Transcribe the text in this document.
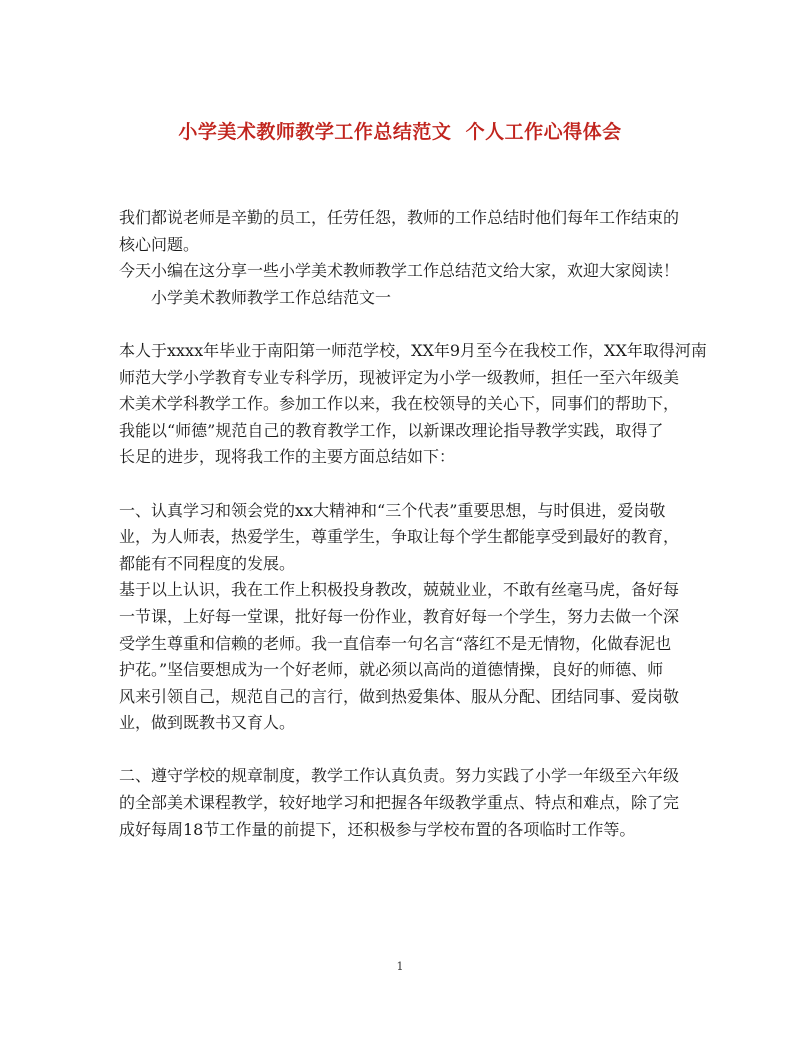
小学美术教师教学工作总结范文  个人工作心得体会
我们都说老师是辛勤的员工，任劳任怨，教师的工作总结时他们每年工作结束的
核心问题。
今天小编在这分享一些小学美术教师教学工作总结范文给大家，欢迎大家阅读！
小学美术教师教学工作总结范文一
本人于xxxx年毕业于南阳第一师范学校，XX年9月至今在我校工作，XX年取得河南
师范大学小学教育专业专科学历，现被评定为小学一级教师，担任一至六年级美
术美术学科教学工作。参加工作以来，我在校领导的关心下，同事们的帮助下，
我能以“师德”规范自己的教育教学工作，以新课改理论指导教学实践，取得了
长足的进步，现将我工作的主要方面总结如下：
一、认真学习和领会党的xx大精神和“三个代表”重要思想，与时俱进，爱岗敬
业，为人师表，热爱学生，尊重学生，争取让每个学生都能享受到最好的教育，
都能有不同程度的发展。
基于以上认识，我在工作上积极投身教改，兢兢业业，不敢有丝毫马虎，备好每
一节课，上好每一堂课，批好每一份作业，教育好每一个学生，努力去做一个深
受学生尊重和信赖的老师。我一直信奉一句名言“落红不是无情物，化做春泥也
护花。”坚信要想成为一个好老师，就必须以高尚的道德情操，良好的师德、师
风来引领自己，规范自己的言行，做到热爱集体、服从分配、团结同事、爱岗敬
业，做到既教书又育人。
二、遵守学校的规章制度，教学工作认真负责。努力实践了小学一年级至六年级
的全部美术课程教学，较好地学习和把握各年级教学重点、特点和难点，除了完
成好每周18节工作量的前提下，还积极参与学校布置的各项临时工作等。
1
